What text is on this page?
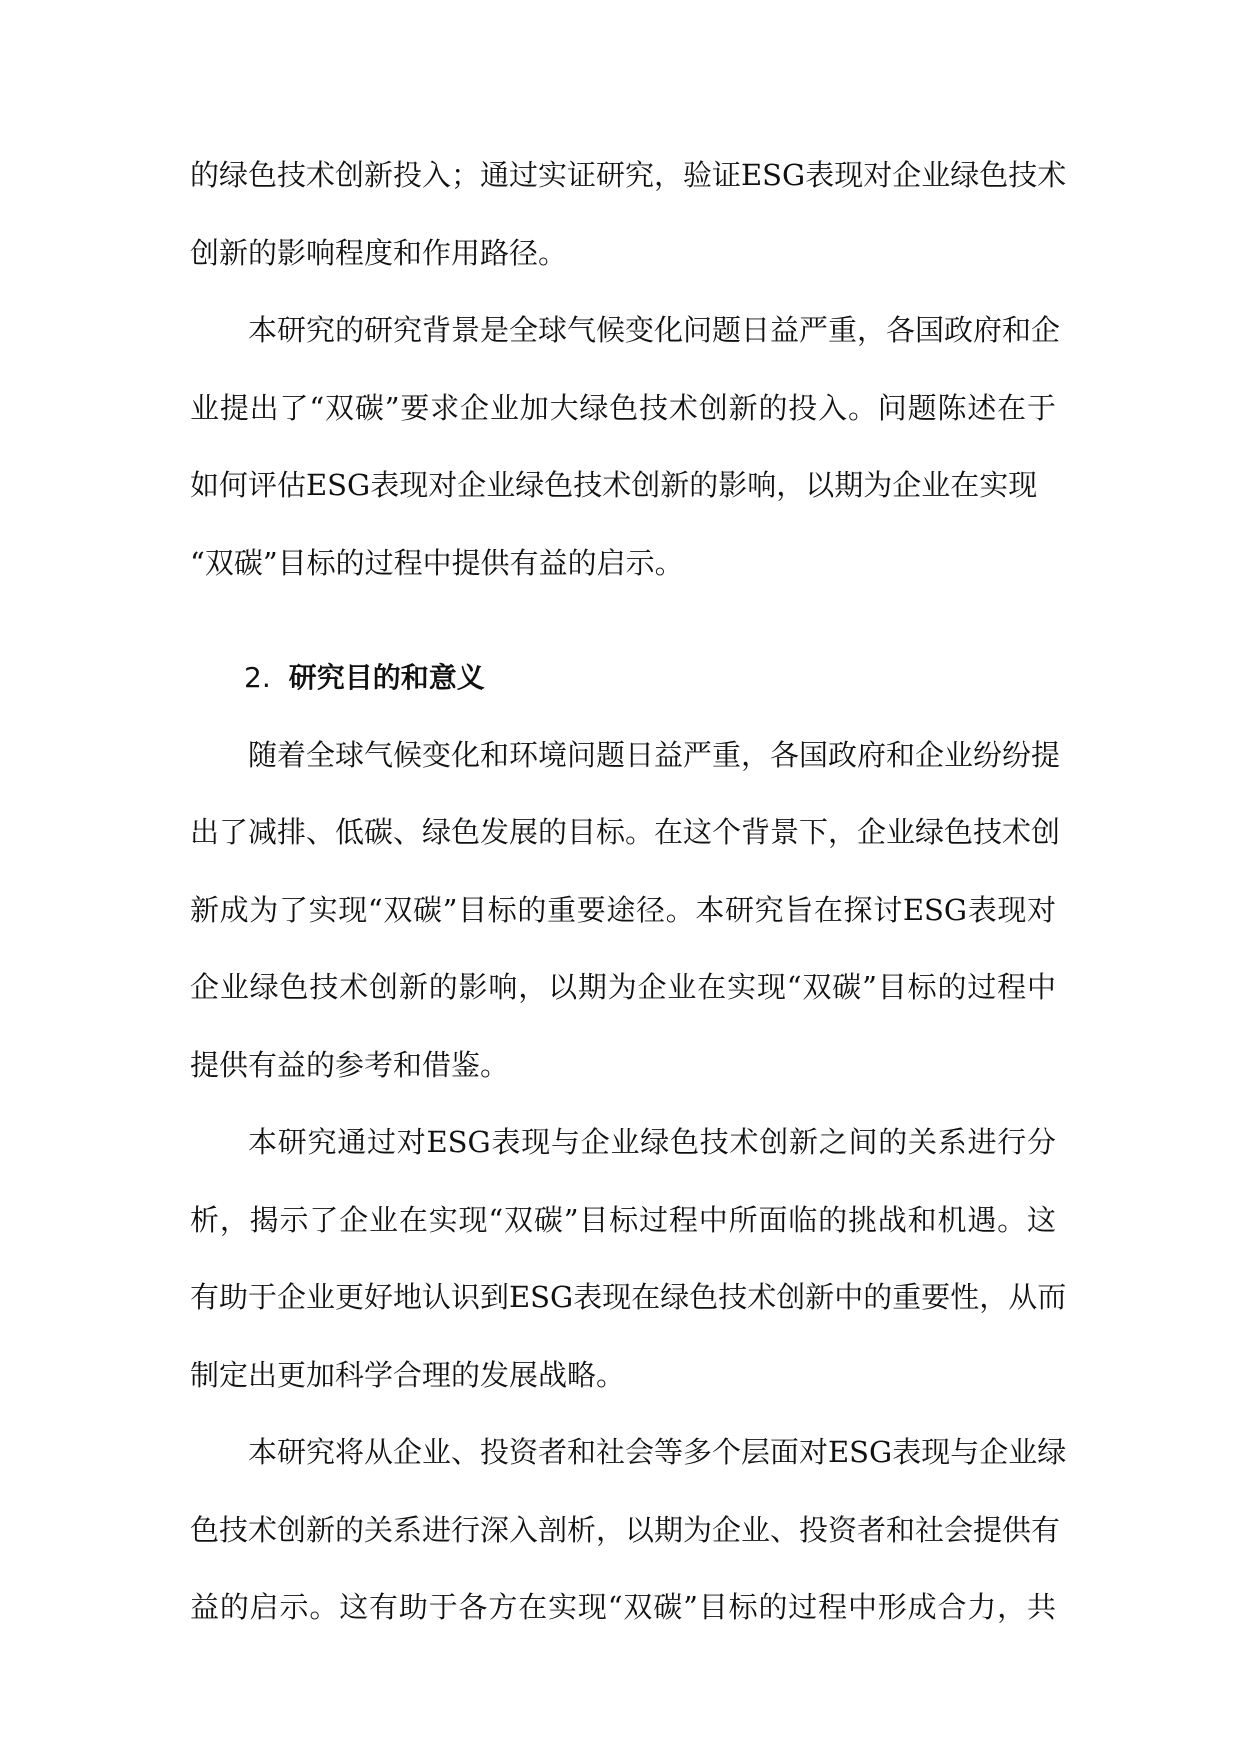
的绿色技术创新投入；通过实证研究，验证ESG表现对企业绿色技术
创新的影响程度和作用路径。
本研究的研究背景是全球气候变化问题日益严重，各国政府和企
业提出了“双碳”要求企业加大绿色技术创新的投入。问题陈述在于
如何评估ESG表现对企业绿色技术创新的影响，以期为企业在实现
“双碳”目标的过程中提供有益的启示。
2. 研究目的和意义
随着全球气候变化和环境问题日益严重，各国政府和企业纷纷提
出了减排、低碳、绿色发展的目标。在这个背景下，企业绿色技术创
新成为了实现“双碳”目标的重要途径。本研究旨在探讨ESG表现对
企业绿色技术创新的影响，以期为企业在实现“双碳”目标的过程中
提供有益的参考和借鉴。
本研究通过对ESG表现与企业绿色技术创新之间的关系进行分
析，揭示了企业在实现“双碳”目标过程中所面临的挑战和机遇。这
有助于企业更好地认识到ESG表现在绿色技术创新中的重要性，从而
制定出更加科学合理的发展战略。
本研究将从企业、投资者和社会等多个层面对ESG表现与企业绿
色技术创新的关系进行深入剖析，以期为企业、投资者和社会提供有
益的启示。这有助于各方在实现“双碳”目标的过程中形成合力，共
